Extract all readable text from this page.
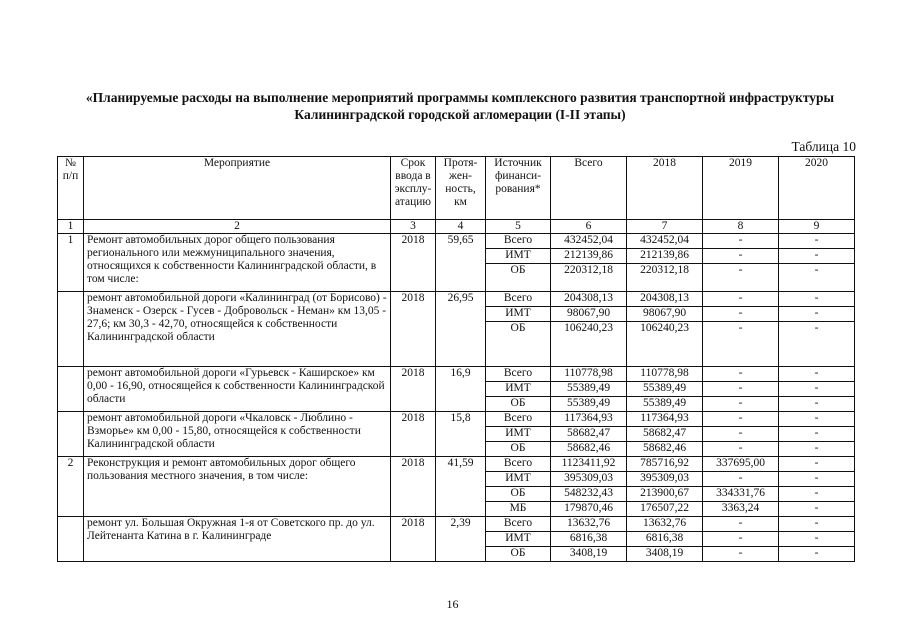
«Планируемые расходы на выполнение мероприятий программы комплексного развития транспортной инфраструктуры Калининградской городской агломерации (I-II этапы)
Таблица 10
№ п/п	Мероприятие	Срок ввода в эксплу-атацию	Протя-жен-ность, км	Источник финанси-рования*	Всего	2018	2019	2020
1	2	3	4	5	6	7	8	9
1	Ремонт автомобильных дорог общего пользования регионального или межмуниципального значения, относящихся к собственности Калининградской области, в том числе:	2018	59,65	Всего	432452,04	432452,04	-	-
				ИМТ	212139,86	212139,86	-	-
				ОБ	220312,18	220312,18	-	-
	ремонт автомобильной дороги «Калининград (от Борисово) - Знаменск - Озерск - Гусев - Добровольск - Неман» км 13,05 - 27,6; км 30,3 - 42,70, относящейся к собственности Калининградской области	2018	26,95	Всего	204308,13	204308,13	-	-
				ИМТ	98067,90	98067,90	-	-
				ОБ	106240,23	106240,23	-	-
	ремонт автомобильной дороги «Гурьевск - Каширское» км 0,00 - 16,90, относящейся к собственности Калининградской области	2018	16,9	Всего	110778,98	110778,98	-	-
				ИМТ	55389,49	55389,49	-	-
				ОБ	55389,49	55389,49	-	-
	ремонт автомобильной дороги «Чкаловск - Люблино - Взморье» км 0,00 - 15,80, относящейся к собственности Калининградской области	2018	15,8	Всего	117364,93	117364,93	-	-
				ИМТ	58682,47	58682,47	-	-
				ОБ	58682,46	58682,46	-	-
2	Реконструкция и ремонт автомобильных дорог общего пользования местного значения, в том числе:	2018	41,59	Всего	1123411,92	785716,92	337695,00	-
				ИМТ	395309,03	395309,03	-	-
				ОБ	548232,43	213900,67	334331,76	-
				МБ	179870,46	176507,22	3363,24	-
	ремонт ул. Большая Окружная 1-я от Советского пр. до ул. Лейтенанта Катина в г. Калининграде	2018	2,39	Всего	13632,76	13632,76	-	-
				ИМТ	6816,38	6816,38	-	-
				ОБ	3408,19	3408,19	-	-
16
